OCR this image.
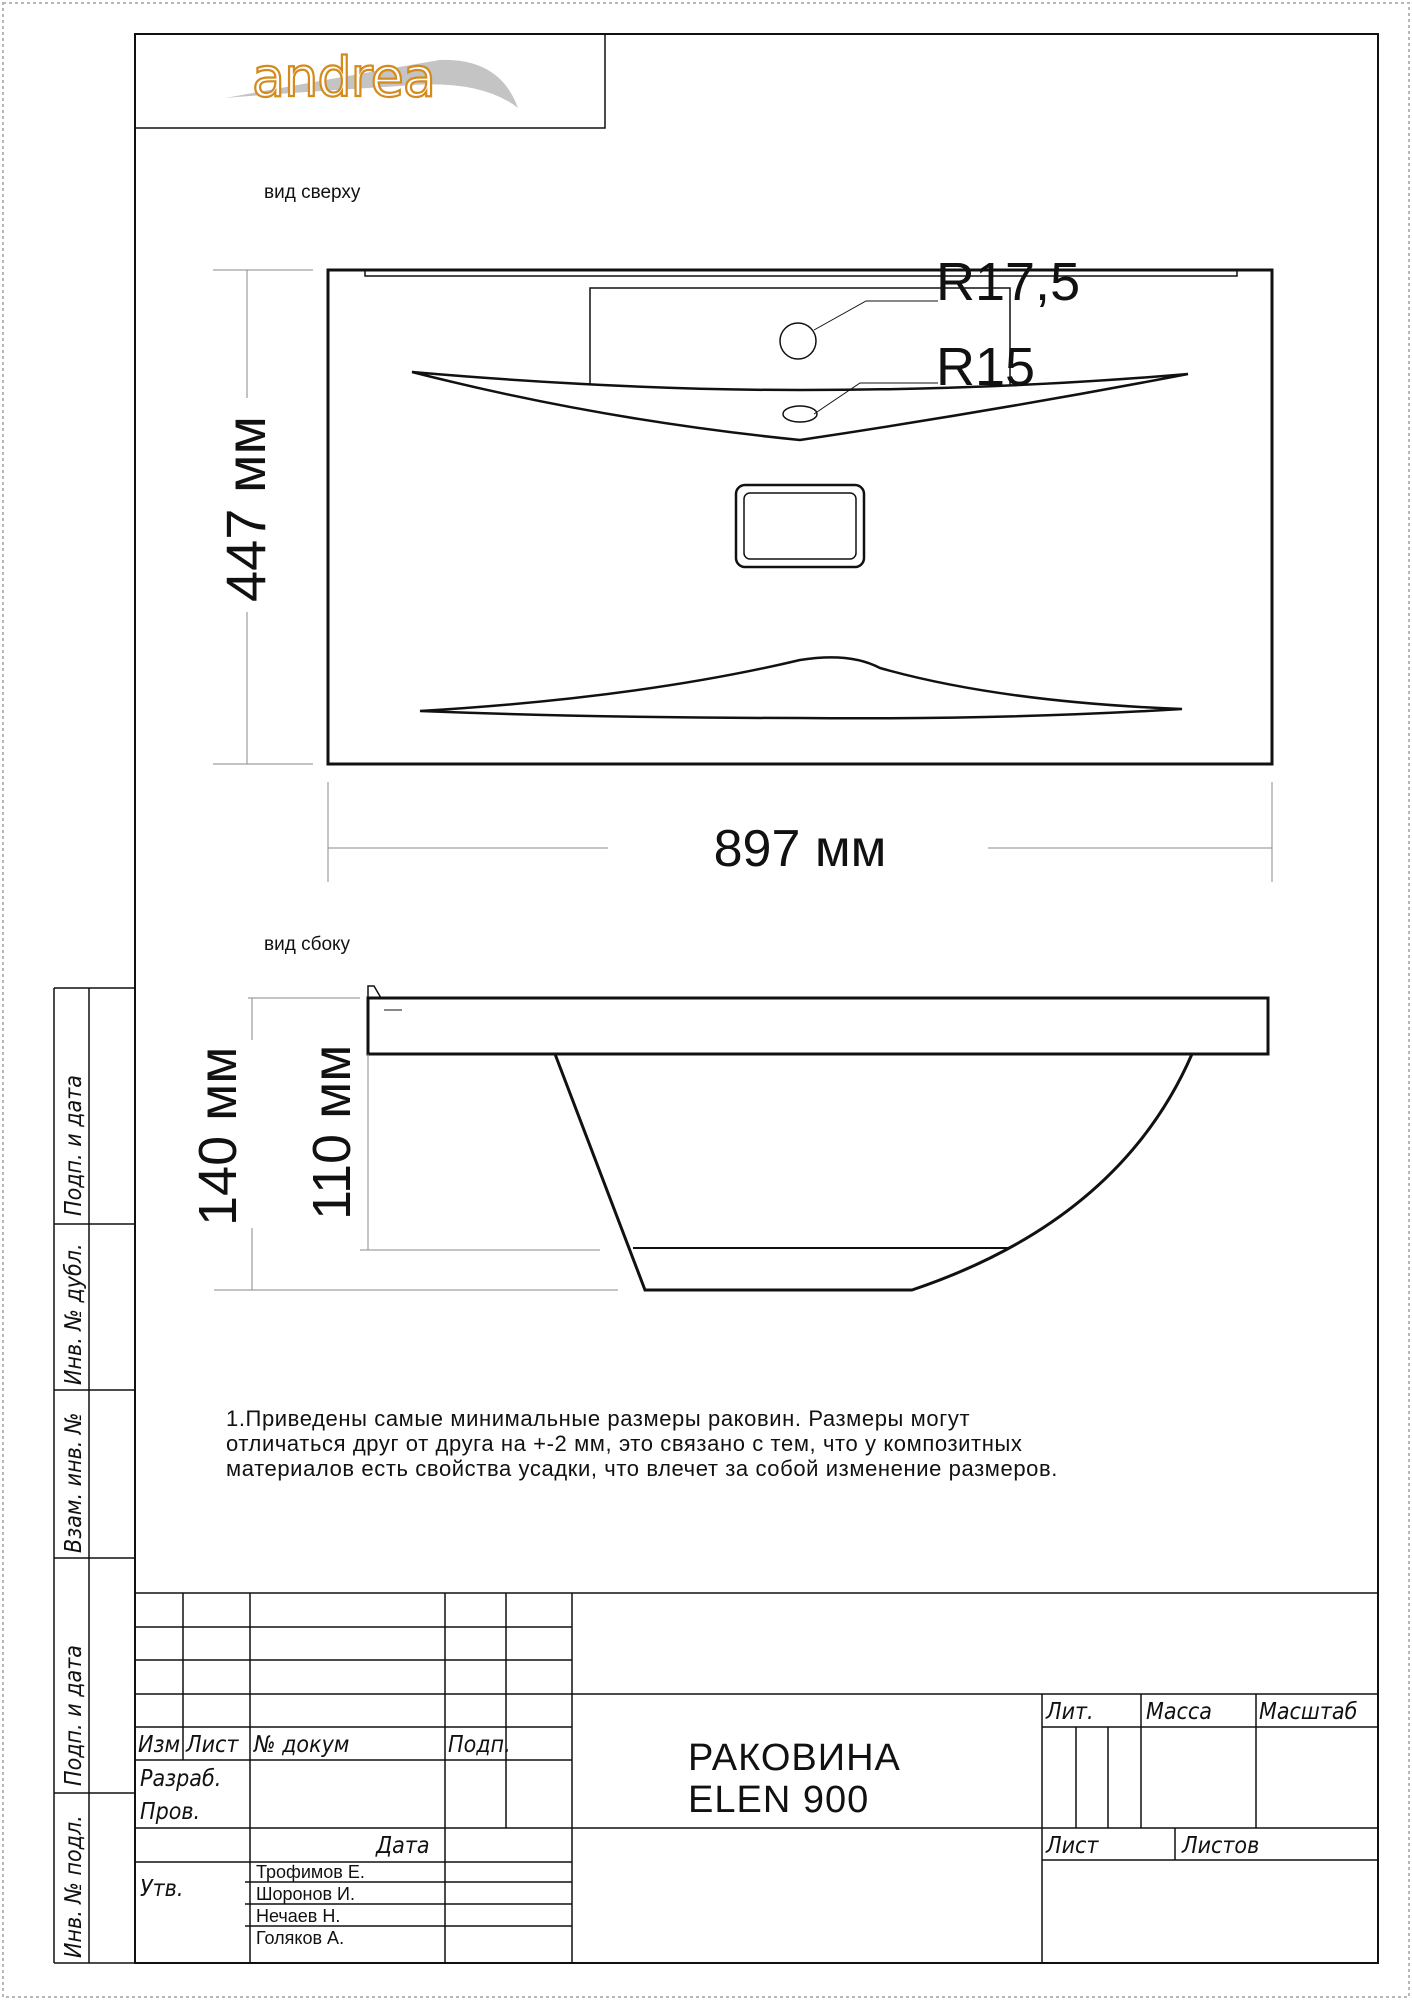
andrea
вид сверху
R17,5
R15
447 мм
897 мм
вид сбоку
140 мм 110 мм
1.Приведены самые минимальные размеры раковин. Размеры могут
отличаться друг от друга на +-2 мм, это связано с тем, что у композитных
материалов есть свойства усадки, что влечет за собой изменение размеров.
Подп. и дата
Инв. № дубл.
Взам. инв. №
Подп. и дата
Инв. № подл.
Изм Лист № докум	Подп.
Разраб.
Пров.
Дата
Утв.
Трофимов Е.
Шоронов И.
Нечаев Н.
Голяков А.
РАКОВИНА
ELEN 900
Лит. Масса Масштаб
Лист	Листов
